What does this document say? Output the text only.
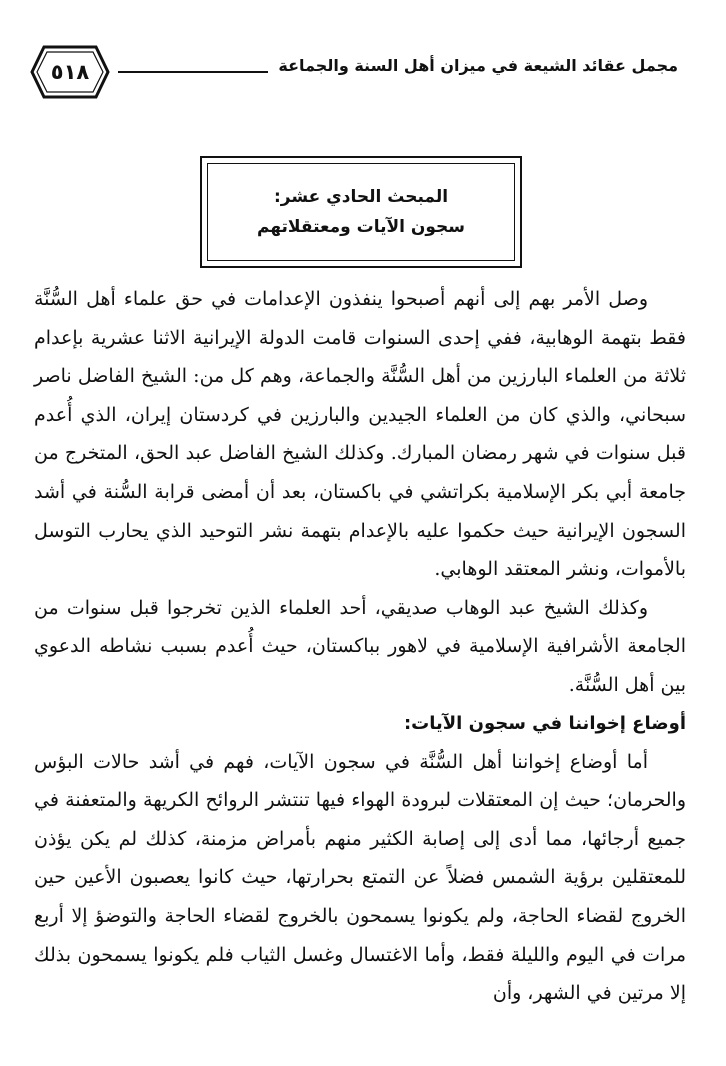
٥١٨	مجمل عقائد الشيعة في ميزان أهل السنة والجماعة
المبحث الحادي عشر:
سجون الآيات ومعتقلاتهم

وصل الأمر بهم إلى أنهم أصبحوا ينفذون الإعدامات في حق علماء أهل السُّنَّة فقط بتهمة الوهابية، ففي إحدى السنوات قامت الدولة الإيرانية الاثنا عشرية بإعدام ثلاثة من العلماء البارزين من أهل السُّنَّة والجماعة، وهم كل من: الشيخ الفاضل ناصر سبحاني، والذي كان من العلماء الجيدين والبارزين في كردستان إيران، الذي أُعدم قبل سنوات في شهر رمضان المبارك. وكذلك الشيخ الفاضل عبد الحق، المتخرج من جامعة أبي بكر الإسلامية بكراتشي في باكستان، بعد أن أمضى قرابة السُّنة في أشد السجون الإيرانية حيث حكموا عليه بالإعدام بتهمة نشر التوحيد الذي يحارب التوسل بالأموات، ونشر المعتقد الوهابي.

وكذلك الشيخ عبد الوهاب صديقي، أحد العلماء الذين تخرجوا قبل سنوات من الجامعة الأشرافية الإسلامية في لاهور بباكستان، حيث أُعدم بسبب نشاطه الدعوي بين أهل السُّنَّة.

أوضاع إخواننا في سجون الآيات:

أما أوضاع إخواننا أهل السُّنَّة في سجون الآيات، فهم في أشد حالات البؤس والحرمان؛ حيث إن المعتقلات لبرودة الهواء فيها تنتشر الروائح الكريهة والمتعفنة في جميع أرجائها، مما أدى إلى إصابة الكثير منهم بأمراض مزمنة، كذلك لم يكن يؤذن للمعتقلين برؤية الشمس فضلاً عن التمتع بحرارتها، حيث كانوا يعصبون الأعين حين الخروج لقضاء الحاجة، ولم يكونوا يسمحون بالخروج لقضاء الحاجة والتوضؤ إلا أربع مرات في اليوم والليلة فقط، وأما الاغتسال وغسل الثياب فلم يكونوا يسمحون بذلك إلا مرتين في الشهر، وأن
